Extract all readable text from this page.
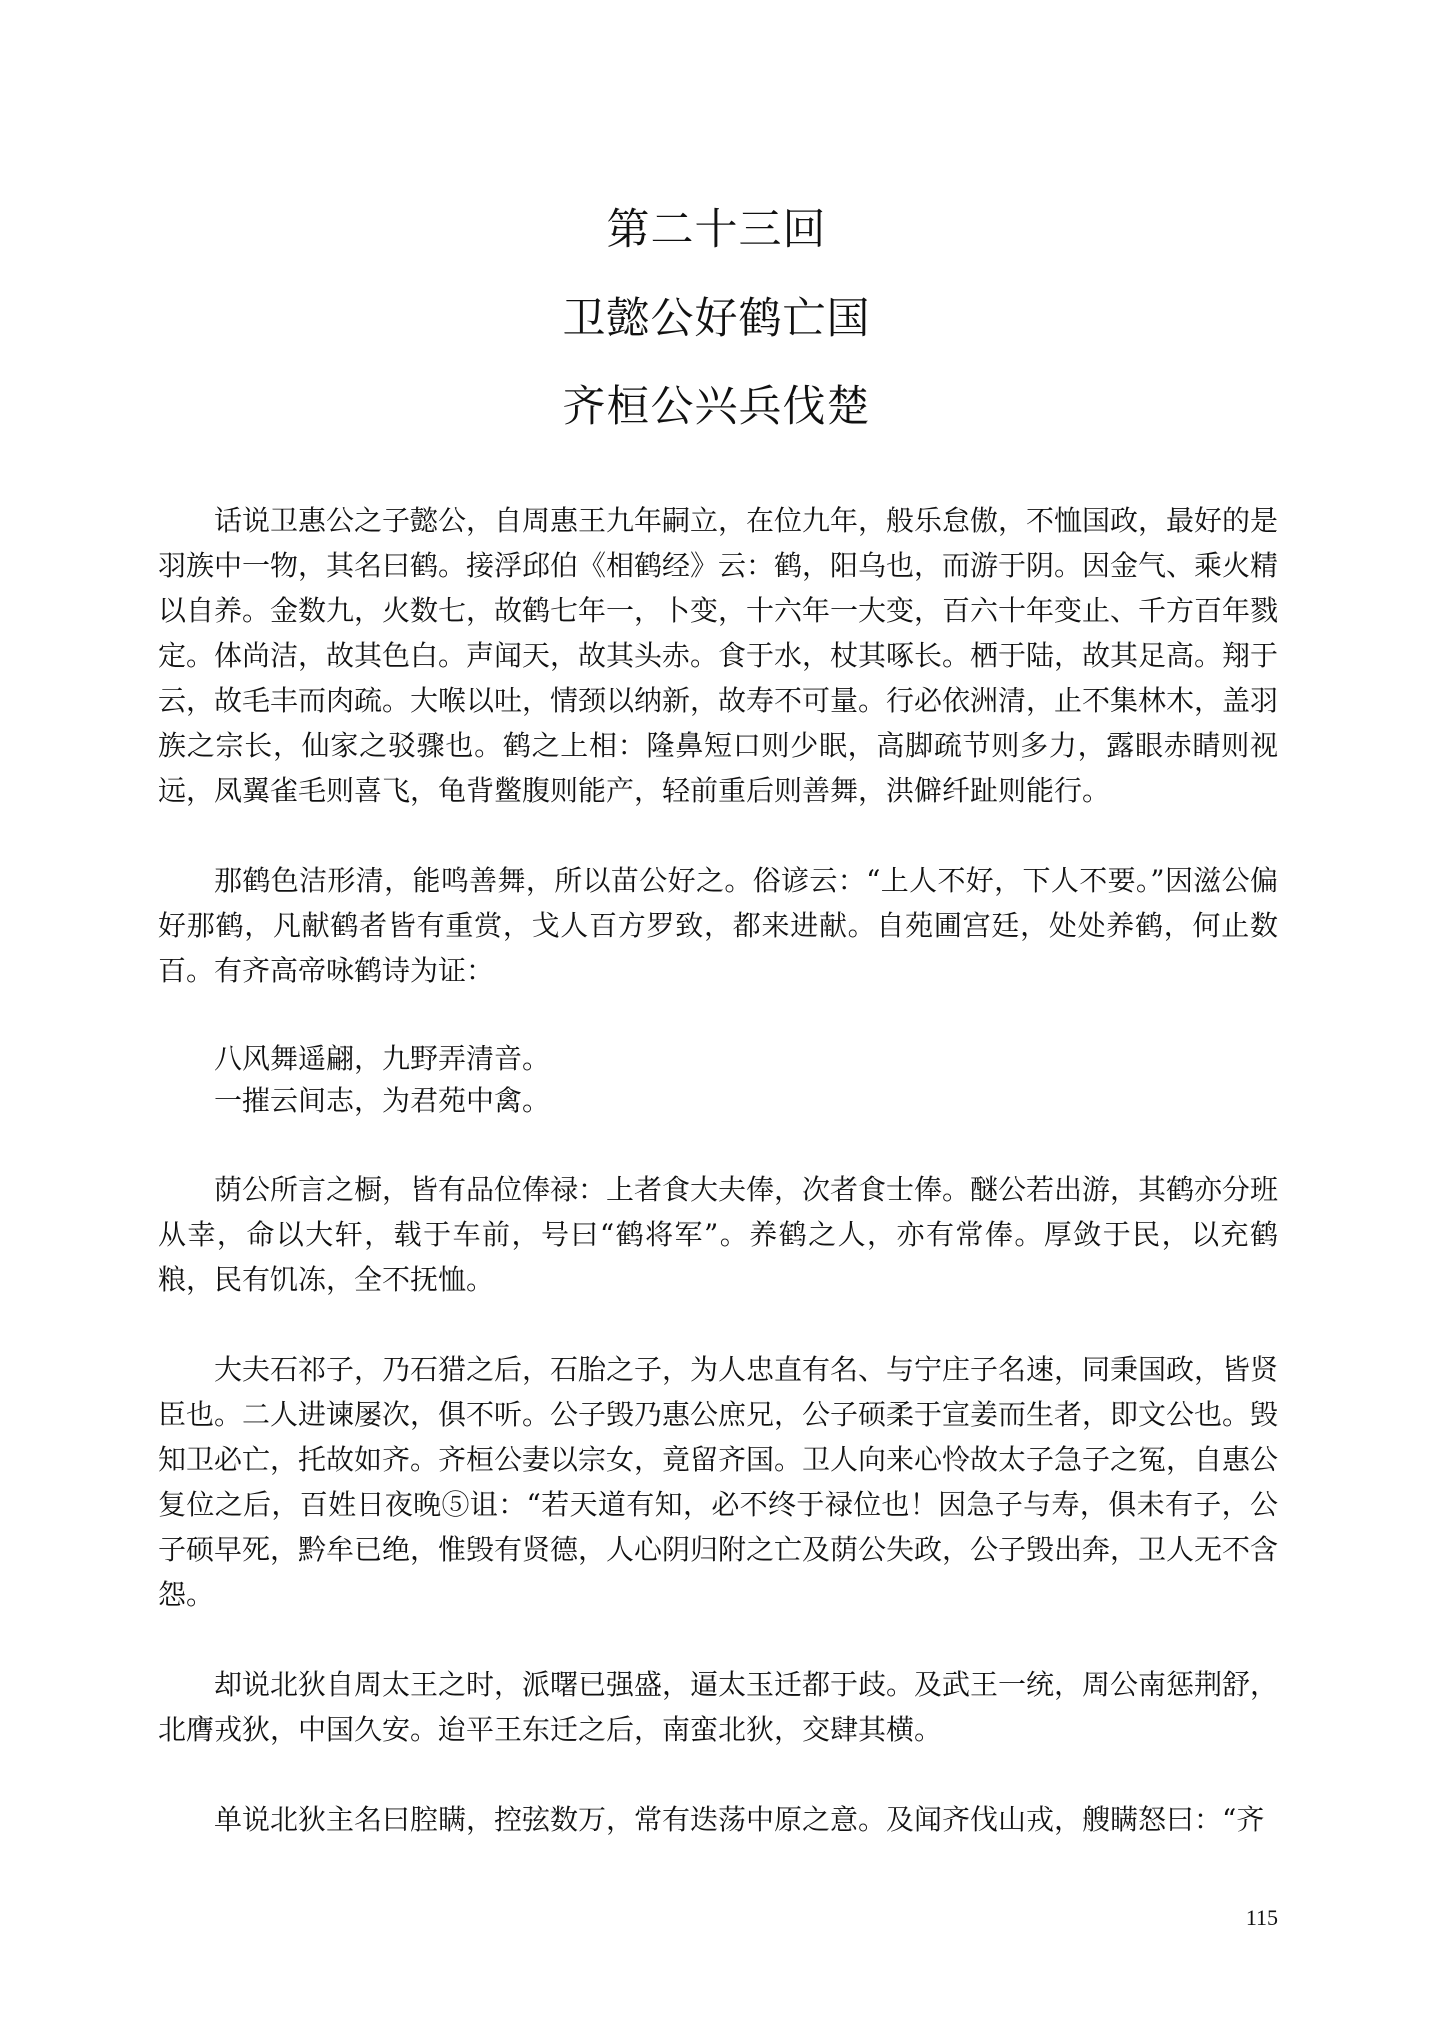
第二十三回
卫懿公好鹤亡国
齐桓公兴兵伐楚

话说卫惠公之子懿公，自周惠王九年嗣立，在位九年，般乐怠傲，不恤国政，最好的是羽族中一物，其名曰鹤。接浮邱伯《相鹤经》云：鹤，阳乌也，而游于阴。因金气、乘火精以自养。金数九，火数七，故鹤七年一，卜变，十六年一大变，百六十年变止、千方百年戮定。体尚洁，故其色白。声闻天，故其头赤。食于水，杖其啄长。栖于陆，故其足高。翔于云，故毛丰而肉疏。大喉以吐，情颈以纳新，故寿不可量。行必依洲清，止不集林木，盖羽族之宗长，仙家之驳骤也。鹤之上相：隆鼻短口则少眠，高脚疏节则多力，露眼赤睛则视远，凤翼雀毛则喜飞，龟背鳖腹则能产，轻前重后则善舞，洪僻纤趾则能行。

那鹤色洁形清，能鸣善舞，所以苗公好之。俗谚云：“上人不好，下人不要。”因滋公偏好那鹤，凡献鹤者皆有重赏，戈人百方罗致，都来进献。自苑圃宫廷，处处养鹤，何止数百。有齐高帝咏鹤诗为证：

八风舞遥翩，九野弄清音。
一摧云间志，为君苑中禽。

荫公所言之橱，皆有品位俸禄：上者食大夫俸，次者食士俸。醚公若出游，其鹤亦分班从幸，命以大轩，载于车前，号曰“鹤将军”。养鹤之人，亦有常俸。厚敛于民，以充鹤粮，民有饥冻，全不抚恤。

大夫石祁子，乃石猎之后，石胎之子，为人忠直有名、与宁庄子名速，同秉国政，皆贤臣也。二人进谏屡次，俱不听。公子毁乃惠公庶兄，公子硕柔于宣姜而生者，即文公也。毁知卫必亡，托故如齐。齐桓公妻以宗女，竟留齐国。卫人向来心怜故太子急子之冤，自惠公复位之后，百姓日夜晚⑤诅：“若天道有知，必不终于禄位也！因急子与寿，俱未有子，公子硕早死，黔牟已绝，惟毁有贤德，人心阴归附之亡及荫公失政，公子毁出奔，卫人无不含怨。

却说北狄自周太王之时，派曙已强盛，逼太玉迁都于歧。及武王一统，周公南惩荆舒，北膺戎狄，中国久安。迨平王东迁之后，南蛮北狄，交肆其横。

单说北狄主名曰腔瞒，控弦数万，常有迭荡中原之意。及闻齐伐山戎，艘瞒怒曰：“齐

115
